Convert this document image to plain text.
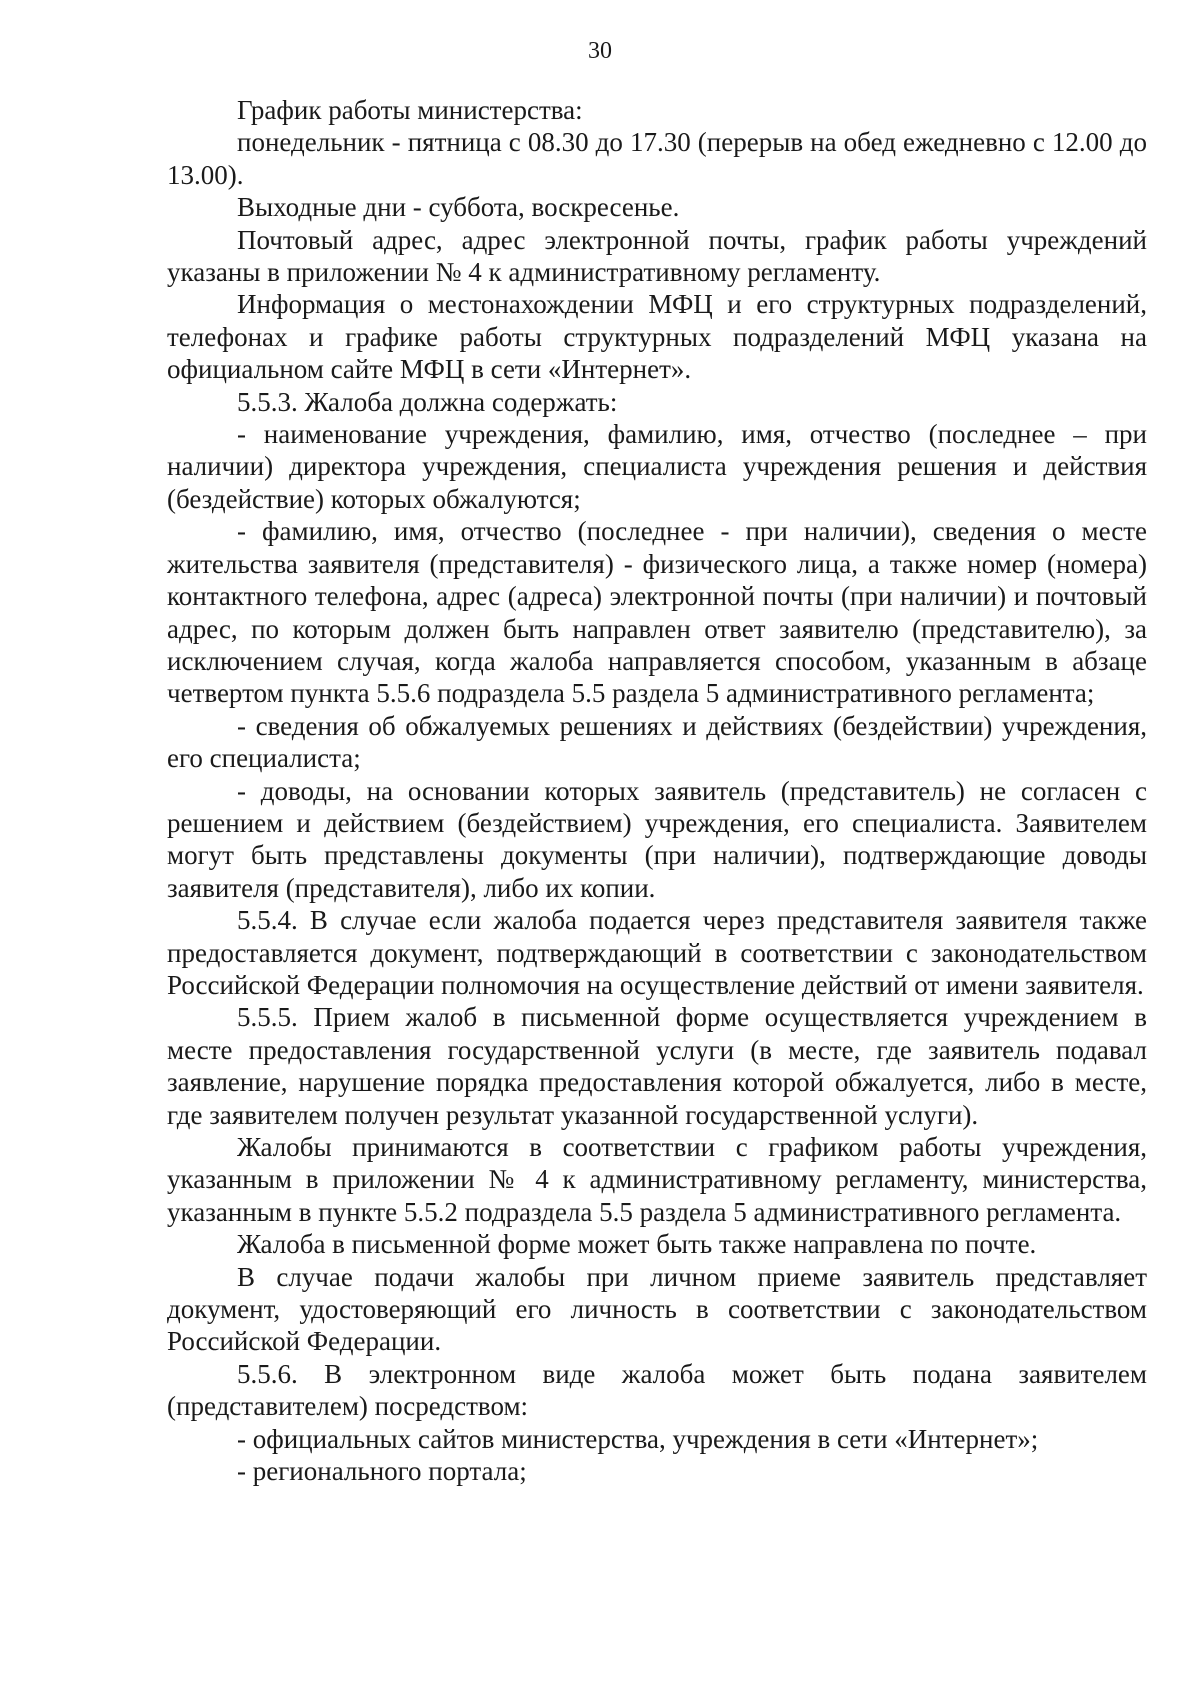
30

График работы министерства:

понедельник - пятница с 08.30 до 17.30 (перерыв на обед ежедневно с 12.00 до 13.00).

Выходные дни - суббота, воскресенье.

Почтовый адрес, адрес электронной почты, график работы учреждений указаны в приложении № 4 к административному регламенту.

Информация о местонахождении МФЦ и его структурных подразделений, телефонах и графике работы структурных подразделений МФЦ указана на официальном сайте МФЦ в сети «Интернет».

5.5.3. Жалоба должна содержать:

- наименование учреждения, фамилию, имя, отчество (последнее – при наличии) директора учреждения, специалиста учреждения решения и действия (бездействие) которых обжалуются;

- фамилию, имя, отчество (последнее - при наличии), сведения о месте жительства заявителя (представителя) - физического лица, а также номер (номера) контактного телефона, адрес (адреса) электронной почты (при наличии) и почтовый адрес, по которым должен быть направлен ответ заявителю (представителю), за исключением случая, когда жалоба направляется способом, указанным в абзаце четвертом пункта 5.5.6 подраздела 5.5 раздела 5 административного регламента;

- сведения об обжалуемых решениях и действиях (бездействии) учреждения, его специалиста;

- доводы, на основании которых заявитель (представитель) не согласен с решением и действием (бездействием) учреждения, его специалиста. Заявителем могут быть представлены документы (при наличии), подтверждающие доводы заявителя (представителя), либо их копии.

5.5.4. В случае если жалоба подается через представителя заявителя также предоставляется документ, подтверждающий в соответствии с законодательством Российской Федерации полномочия на осуществление действий от имени заявителя.

5.5.5. Прием жалоб в письменной форме осуществляется учреждением в месте предоставления государственной услуги (в месте, где заявитель подавал заявление, нарушение порядка предоставления которой обжалуется, либо в месте, где заявителем получен результат указанной государственной услуги).

Жалобы принимаются в соответствии с графиком работы учреждения, указанным в приложении № 4 к административному регламенту, министерства, указанным в пункте 5.5.2 подраздела 5.5 раздела 5 административного регламента.

Жалоба в письменной форме может быть также направлена по почте.

В случае подачи жалобы при личном приеме заявитель представляет документ, удостоверяющий его личность в соответствии с законодательством Российской Федерации.

5.5.6. В электронном виде жалоба может быть подана заявителем (представителем) посредством:

- официальных сайтов министерства, учреждения в сети «Интернет»;

- регионального портала;
